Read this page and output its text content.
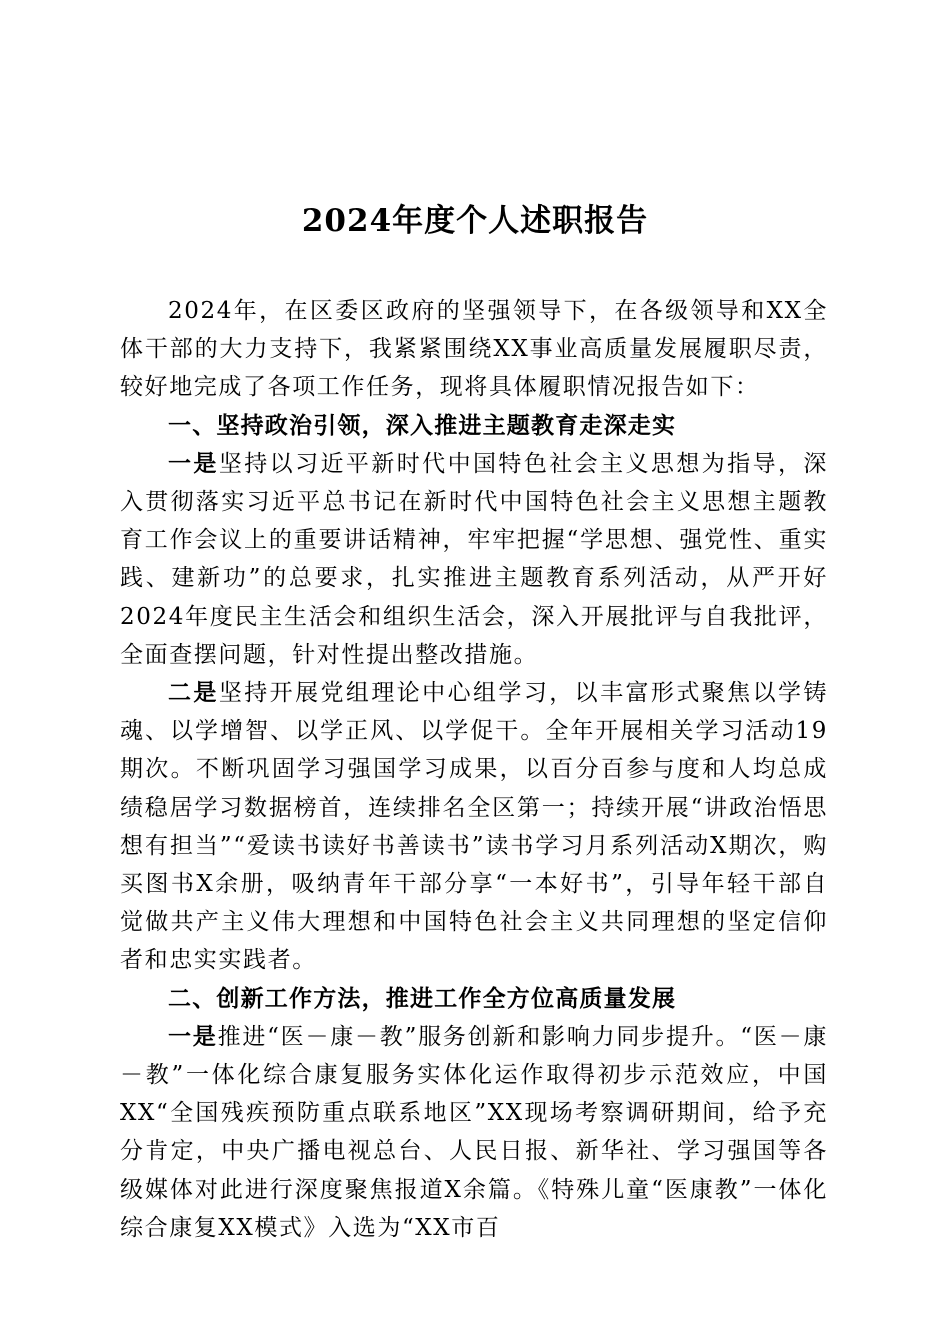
2024年度个人述职报告

2024年，在区委区政府的坚强领导下，在各级领导和XX全体干部的大力支持下，我紧紧围绕XX事业高质量发展履职尽责，较好地完成了各项工作任务，现将具体履职情况报告如下：

一、坚持政治引领，深入推进主题教育走深走实

一是坚持以习近平新时代中国特色社会主义思想为指导，深入贯彻落实习近平总书记在新时代中国特色社会主义思想主题教育工作会议上的重要讲话精神，牢牢把握“学思想、强党性、重实践、建新功”的总要求，扎实推进主题教育系列活动，从严开好2024年度民主生活会和组织生活会，深入开展批评与自我批评，全面查摆问题，针对性提出整改措施。

二是坚持开展党组理论中心组学习，以丰富形式聚焦以学铸魂、以学增智、以学正风、以学促干。全年开展相关学习活动19期次。不断巩固学习强国学习成果，以百分百参与度和人均总成绩稳居学习数据榜首，连续排名全区第一；持续开展“讲政治悟思想有担当”“爱读书读好书善读书”读书学习月系列活动X期次，购买图书X余册，吸纳青年干部分享“一本好书”，引导年轻干部自觉做共产主义伟大理想和中国特色社会主义共同理想的坚定信仰者和忠实实践者。

二、创新工作方法，推进工作全方位高质量发展

一是推进“医－康－教”服务创新和影响力同步提升。“医－康－教”一体化综合康复服务实体化运作取得初步示范效应，中国XX“全国残疾预防重点联系地区”XX现场考察调研期间，给予充分肯定，中央广播电视总台、人民日报、新华社、学习强国等各级媒体对此进行深度聚焦报道X余篇。《特殊儿童“医康教”一体化综合康复XX模式》入选为“XX市百
